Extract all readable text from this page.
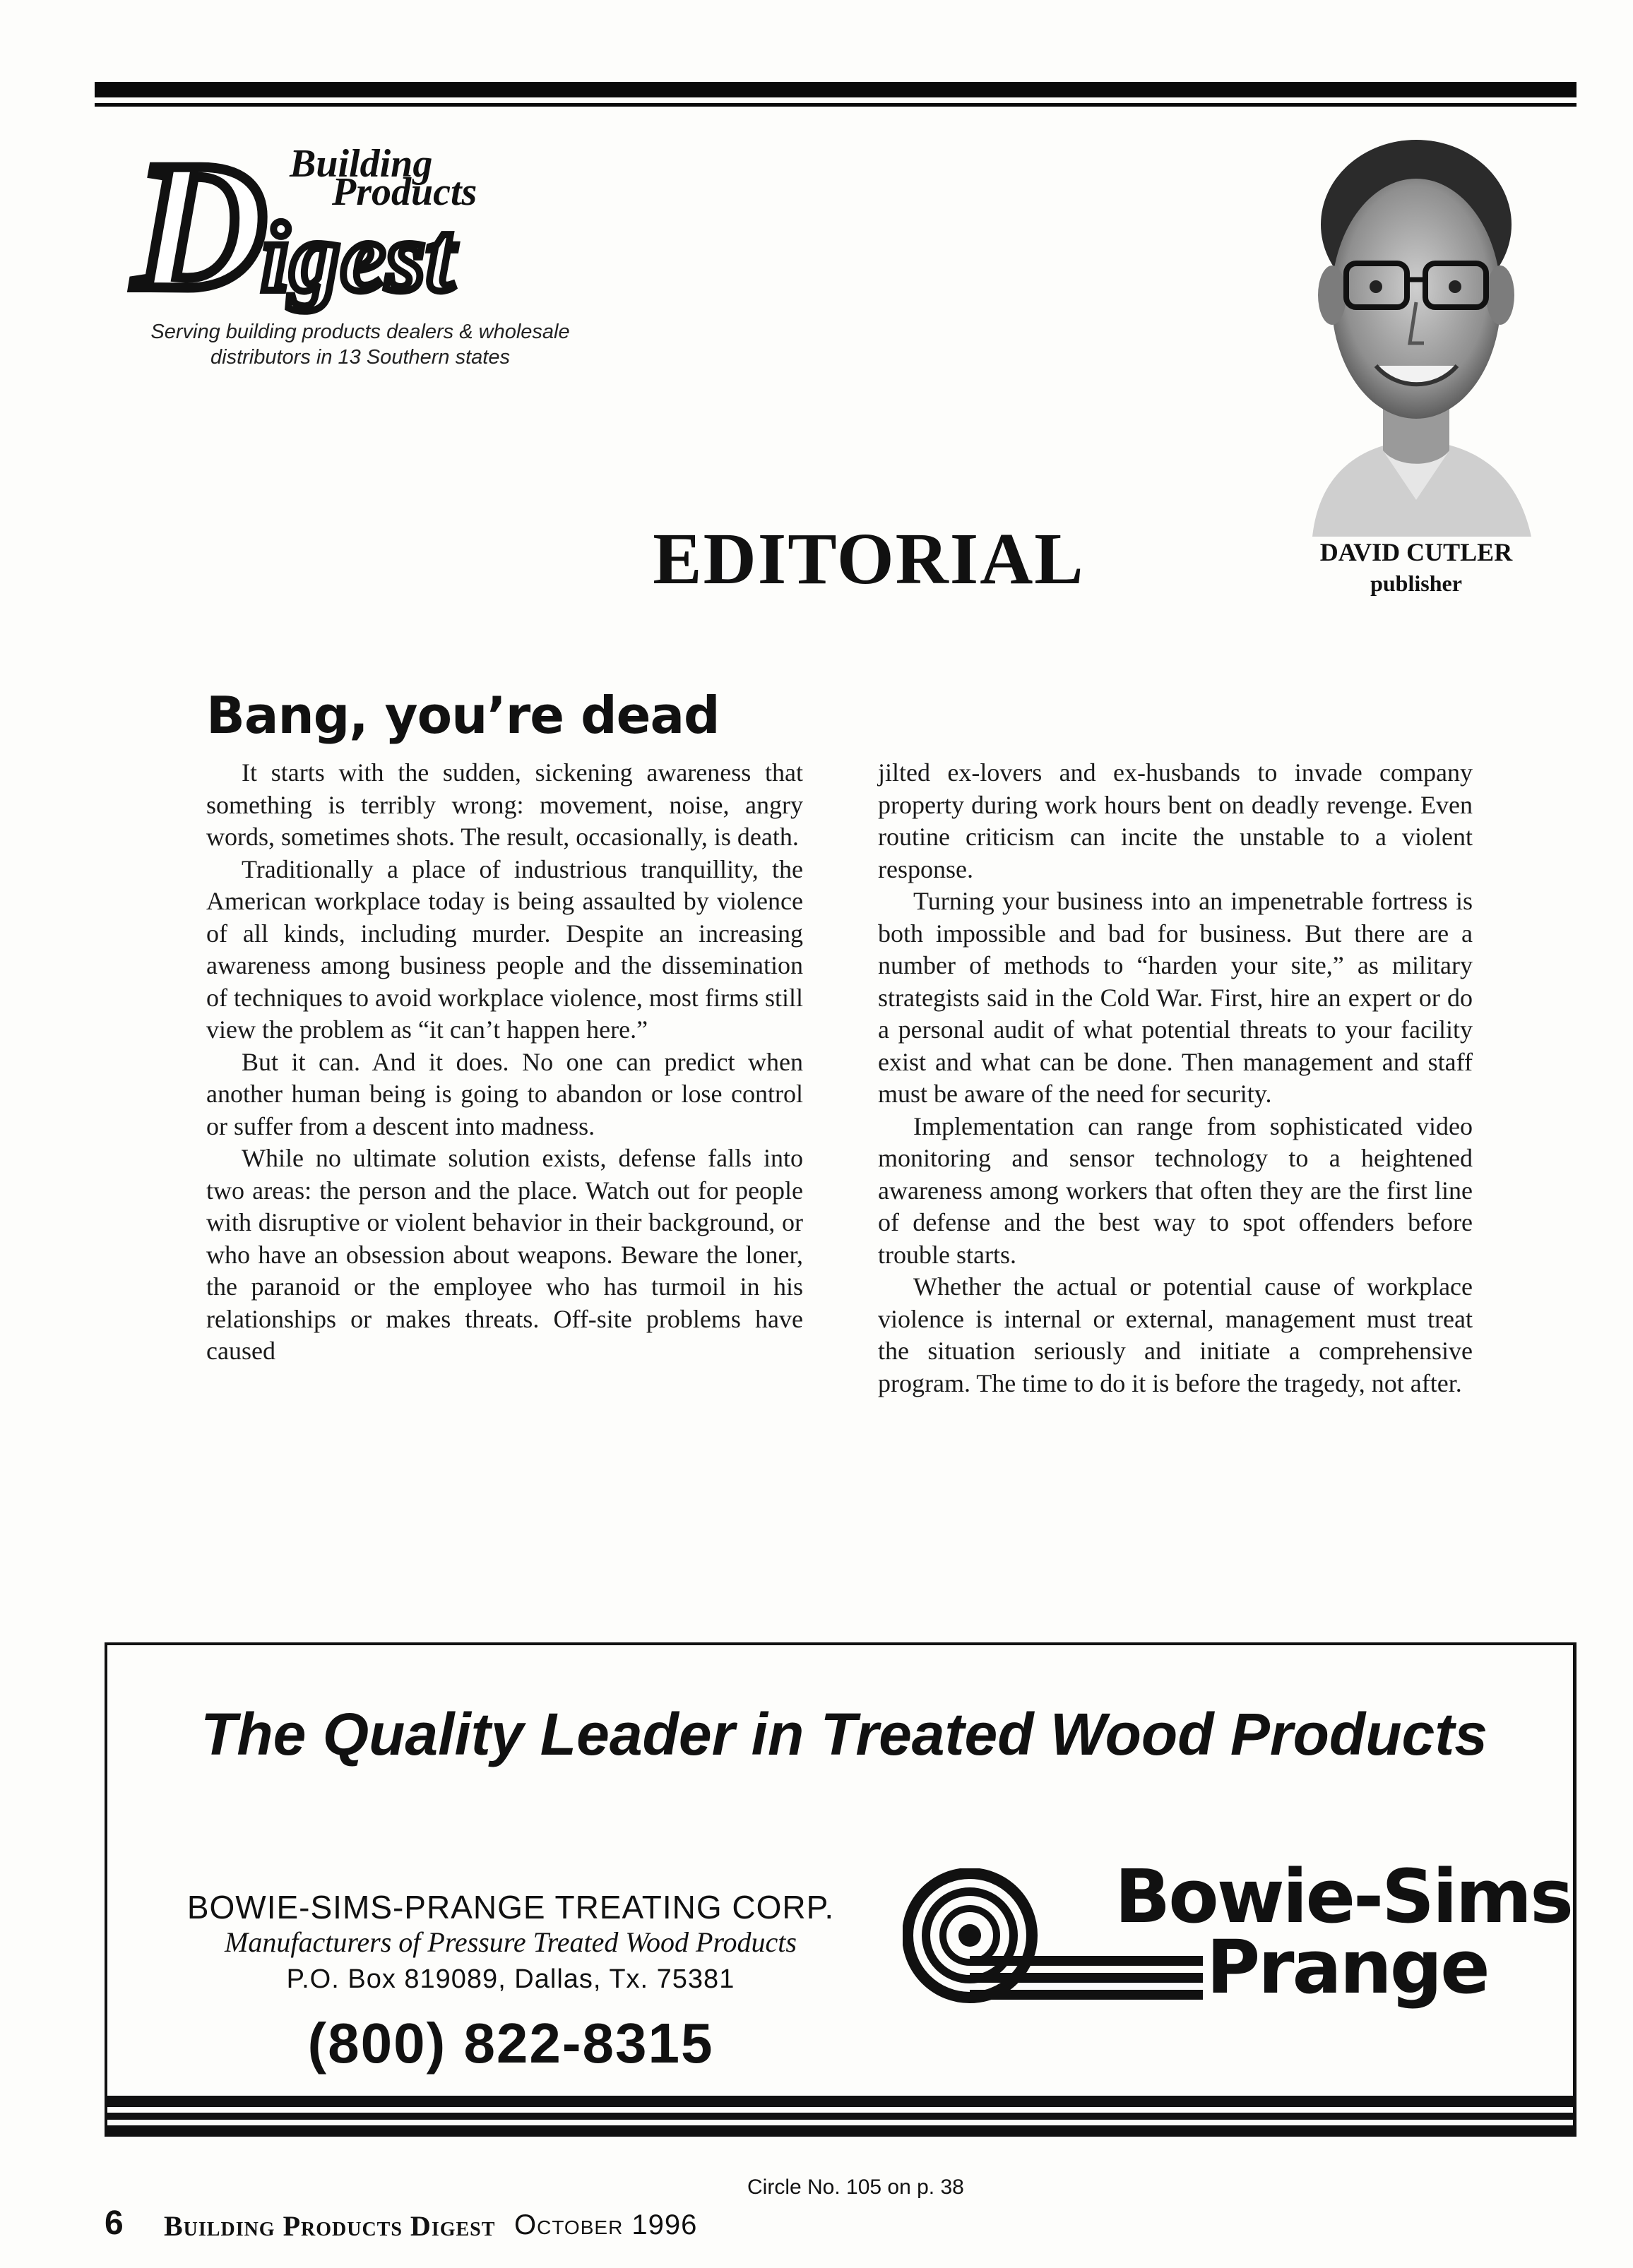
D Building
Products
igest
Serving building products dealers & wholesale distributors in 13 Southern states
DAVID CUTLER
publisher
EDITORIAL
Bang, you’re dead

It starts with the sudden, sickening awareness that something is terribly wrong: movement, noise, angry words, sometimes shots. The result, occasionally, is death.

Traditionally a place of industrious tranquillity, the American workplace today is being assaulted by violence of all kinds, including murder. Despite an increasing awareness among business people and the dissemination of techniques to avoid workplace violence, most firms still view the problem as “it can’t happen here.”

But it can. And it does. No one can predict when another human being is going to abandon or lose control or suffer from a descent into madness.

While no ultimate solution exists, defense falls into two areas: the person and the place. Watch out for people with disruptive or violent behavior in their background, or who have an obsession about weapons. Beware the loner, the paranoid or the employee who has turmoil in his relationships or makes threats. Off-site problems have caused

jilted ex-lovers and ex-husbands to invade company property during work hours bent on deadly revenge. Even routine criticism can incite the unstable to a violent response.

Turning your business into an impenetrable fortress is both impossible and bad for business. But there are a number of methods to “harden your site,” as military strategists said in the Cold War. First, hire an expert or do a personal audit of what potential threats to your facility exist and what can be done. Then management and staff must be aware of the need for security.

Implementation can range from sophisticated video monitoring and sensor technology to a heightened awareness among workers that often they are the first line of defense and the best way to spot offenders before trouble starts.

Whether the actual or potential cause of workplace violence is internal or external, management must treat the situation seriously and initiate a comprehensive program. The time to do it is before the tragedy, not after.

The Quality Leader in Treated Wood Products
BOWIE-SIMS-PRANGE TREATING CORP.
Manufacturers of Pressure Treated Wood Products
P.O. Box 819089, Dallas, Tx. 75381
(800) 822-8315
Bowie-Sims
Prange
Circle No. 105 on p. 38
6 Building Products Digest October 1996
